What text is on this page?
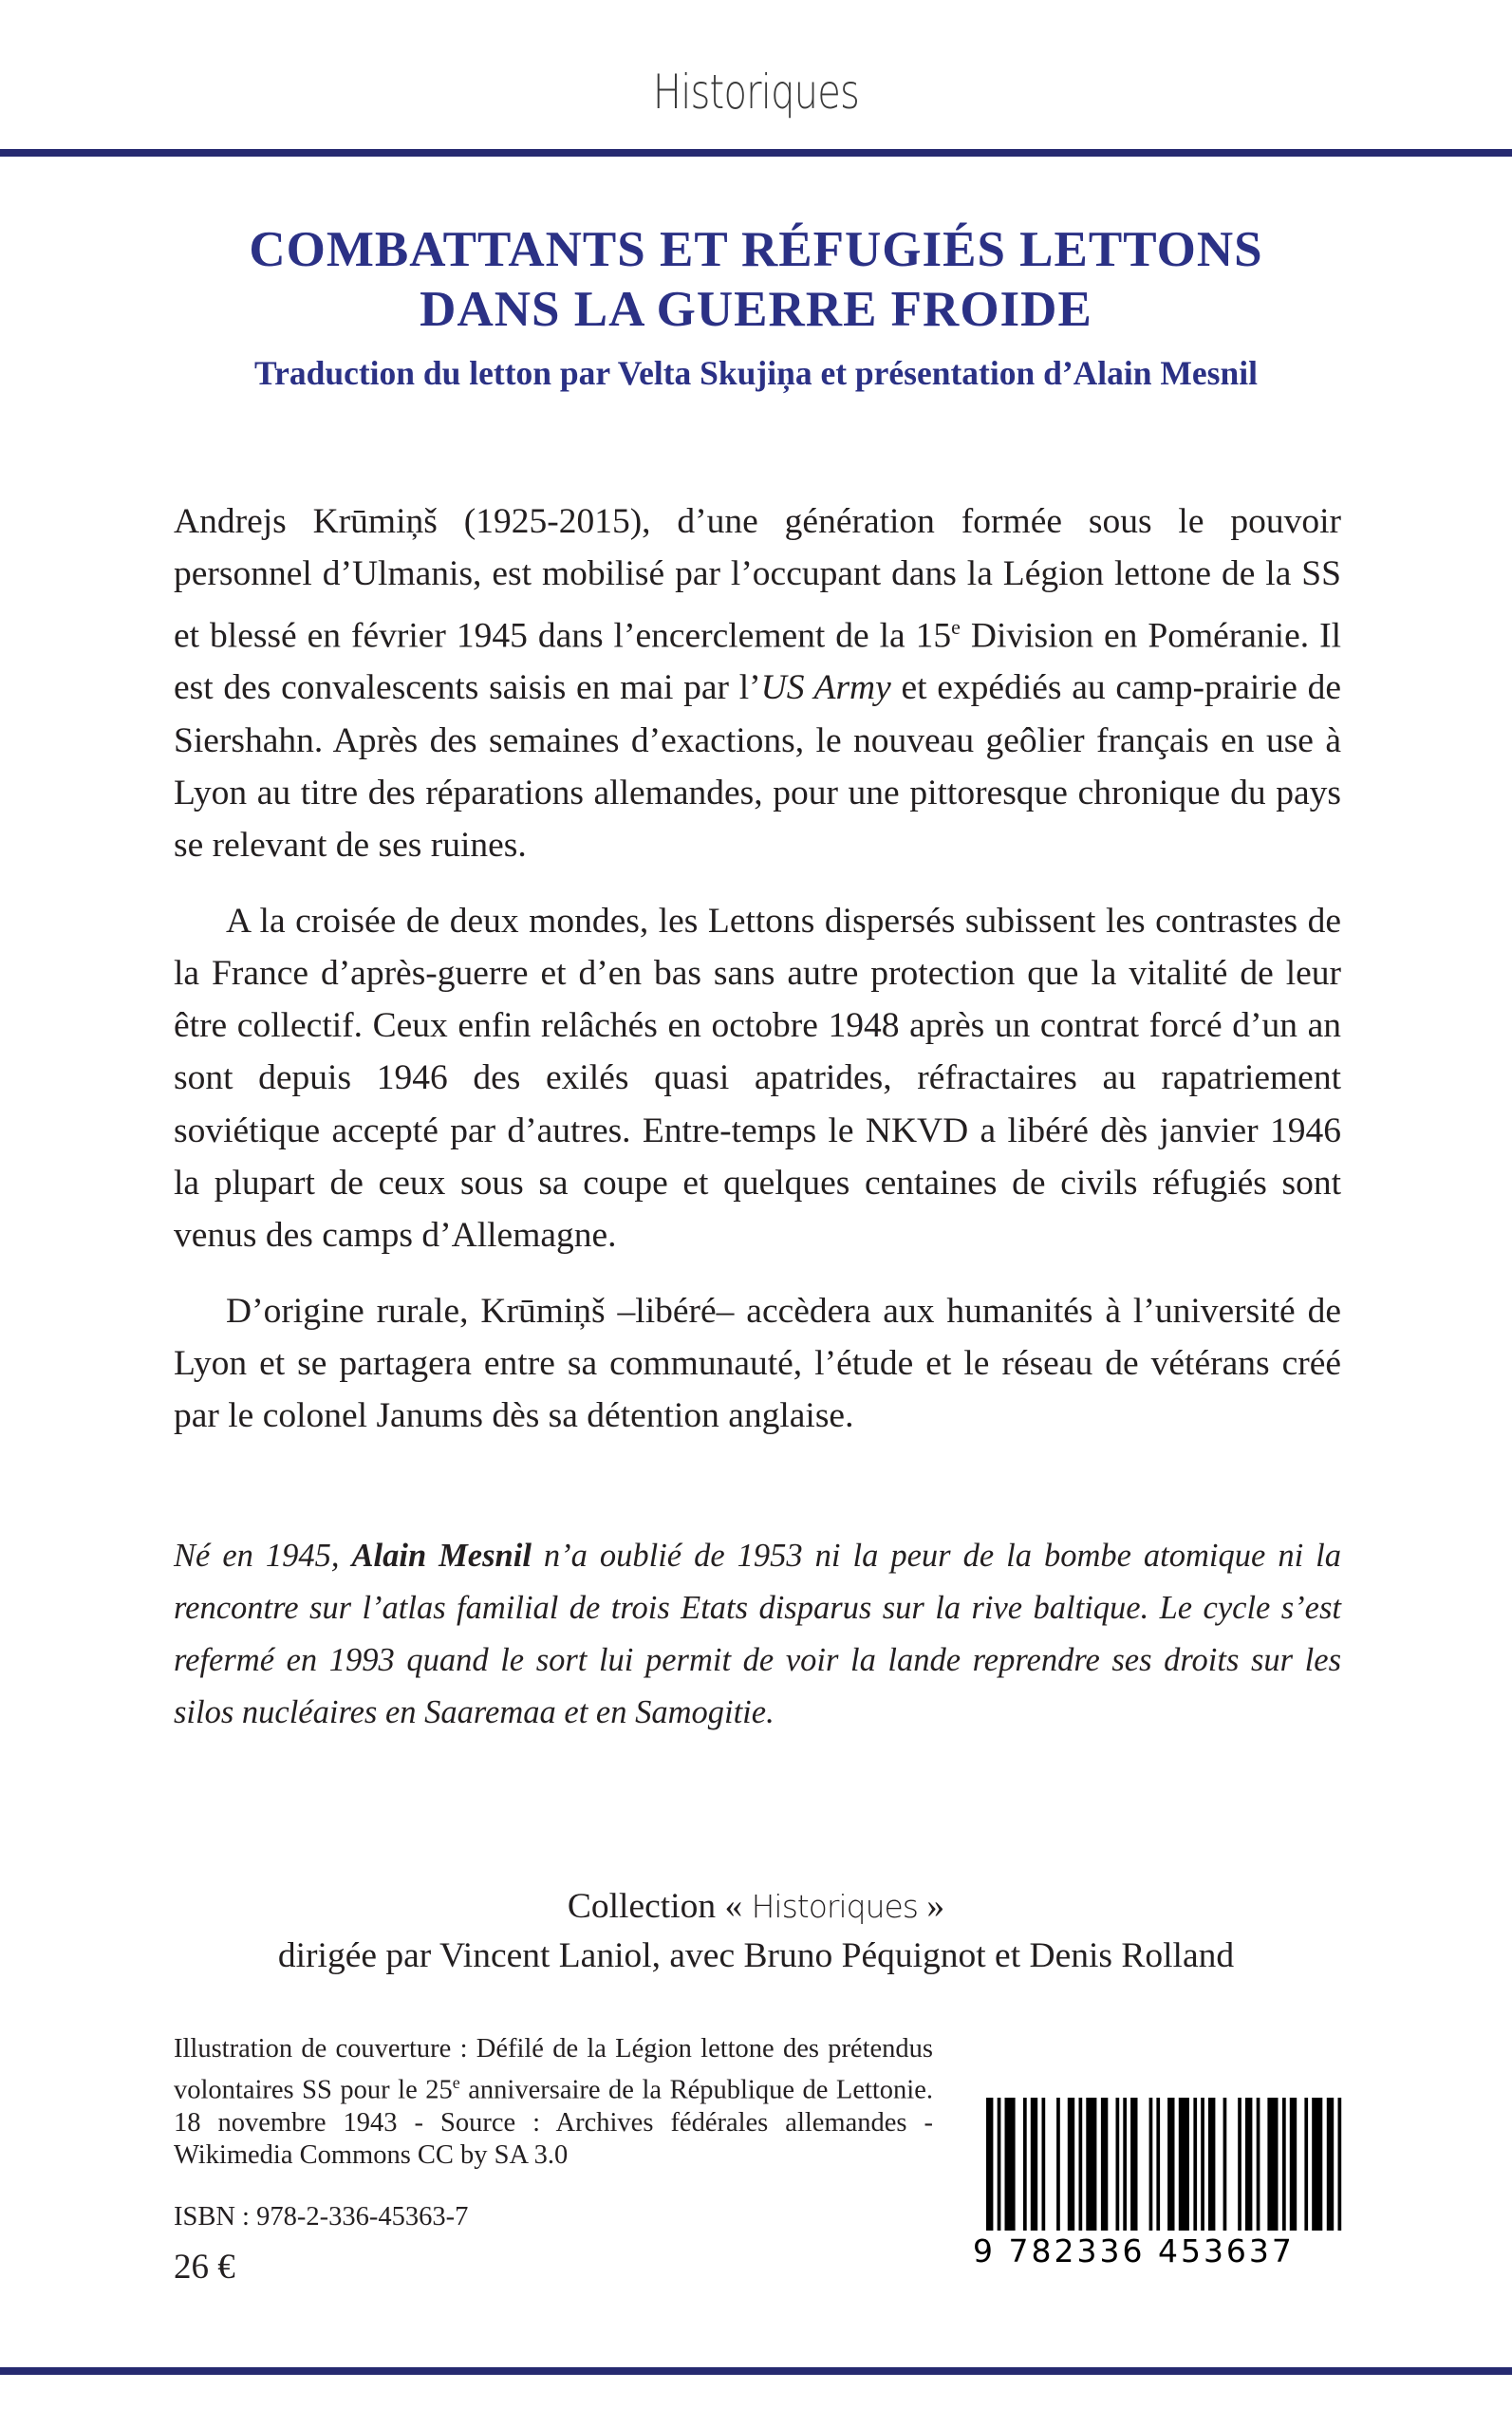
Historiques
COMBATTANTS ET RÉFUGIÉS LETTONS
DANS LA GUERRE FROIDE
Traduction du letton par Velta Skujiņa et présentation d’Alain Mesnil

Andrejs Krūmiņš (1925-2015), d’une génération formée sous le pouvoir personnel d’Ulmanis, est mobilisé par l’occupant dans la Légion lettone de la SS et blessé en février 1945 dans l’encerclement de la 15e Division en Poméranie. Il est des convalescents saisis en mai par l’US Army et expédiés au camp-prairie de Siershahn. Après des semaines d’exactions, le nouveau geôlier français en use à Lyon au titre des réparations allemandes, pour une pittoresque chronique du pays se relevant de ses ruines.

A la croisée de deux mondes, les Lettons dispersés subissent les contrastes de la France d’après-guerre et d’en bas sans autre protection que la vitalité de leur être collectif. Ceux enfin relâchés en octobre 1948 après un contrat forcé d’un an sont depuis 1946 des exilés quasi apatrides, réfractaires au rapatriement soviétique accepté par d’autres. Entre-temps le NKVD a libéré dès janvier 1946 la plupart de ceux sous sa coupe et quelques centaines de civils réfugiés sont venus des camps d’Allemagne.

D’origine rurale, Krūmiņš –libéré– accèdera aux humanités à l’université de Lyon et se partagera entre sa communauté, l’étude et le réseau de vétérans créé par le colonel Janums dès sa détention anglaise.

Né en 1945, Alain Mesnil n’a oublié de 1953 ni la peur de la bombe atomique ni la rencontre sur l’atlas familial de trois Etats disparus sur la rive baltique. Le cycle s’est refermé en 1993 quand le sort lui permit de voir la lande reprendre ses droits sur les silos nucléaires en Saaremaa et en Samogitie.
Collection « Historiques »
dirigée par Vincent Laniol, avec Bruno Péquignot et Denis Rolland
Illustration de couverture : Défilé de la Légion lettone des prétendus volontaires SS pour le 25e anniversaire de la République de Lettonie. 18 novembre 1943 - Source : Archives fédérales allemandes - Wikimedia Commons CC by SA 3.0
ISBN : 978-2-336-45363-7
26 €	9 782336 453637
